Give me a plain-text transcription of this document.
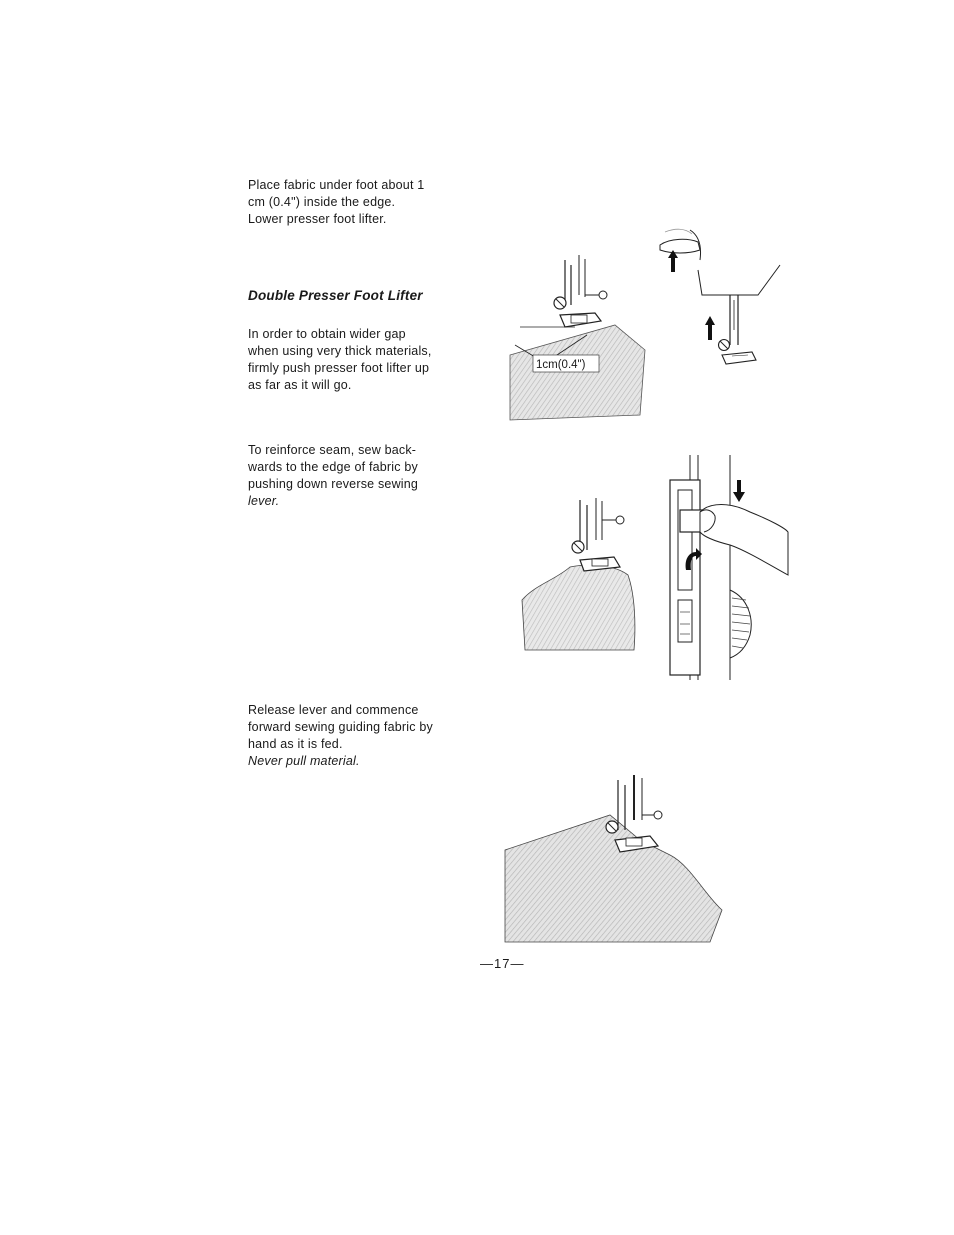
Place fabric under foot about 1
cm (0.4") inside the edge.
Lower presser foot lifter.
Double Presser Foot Lifter
In order to obtain wider gap
when using very thick materials,
firmly push presser foot lifter up
as far as it will go.
To reinforce seam, sew back-
wards to the edge of fabric by
pushing down reverse sewing
lever.
Release lever and commence
forward sewing guiding fabric by
hand as it is fed.
Never pull material.
1cm(0.4")
—17—
